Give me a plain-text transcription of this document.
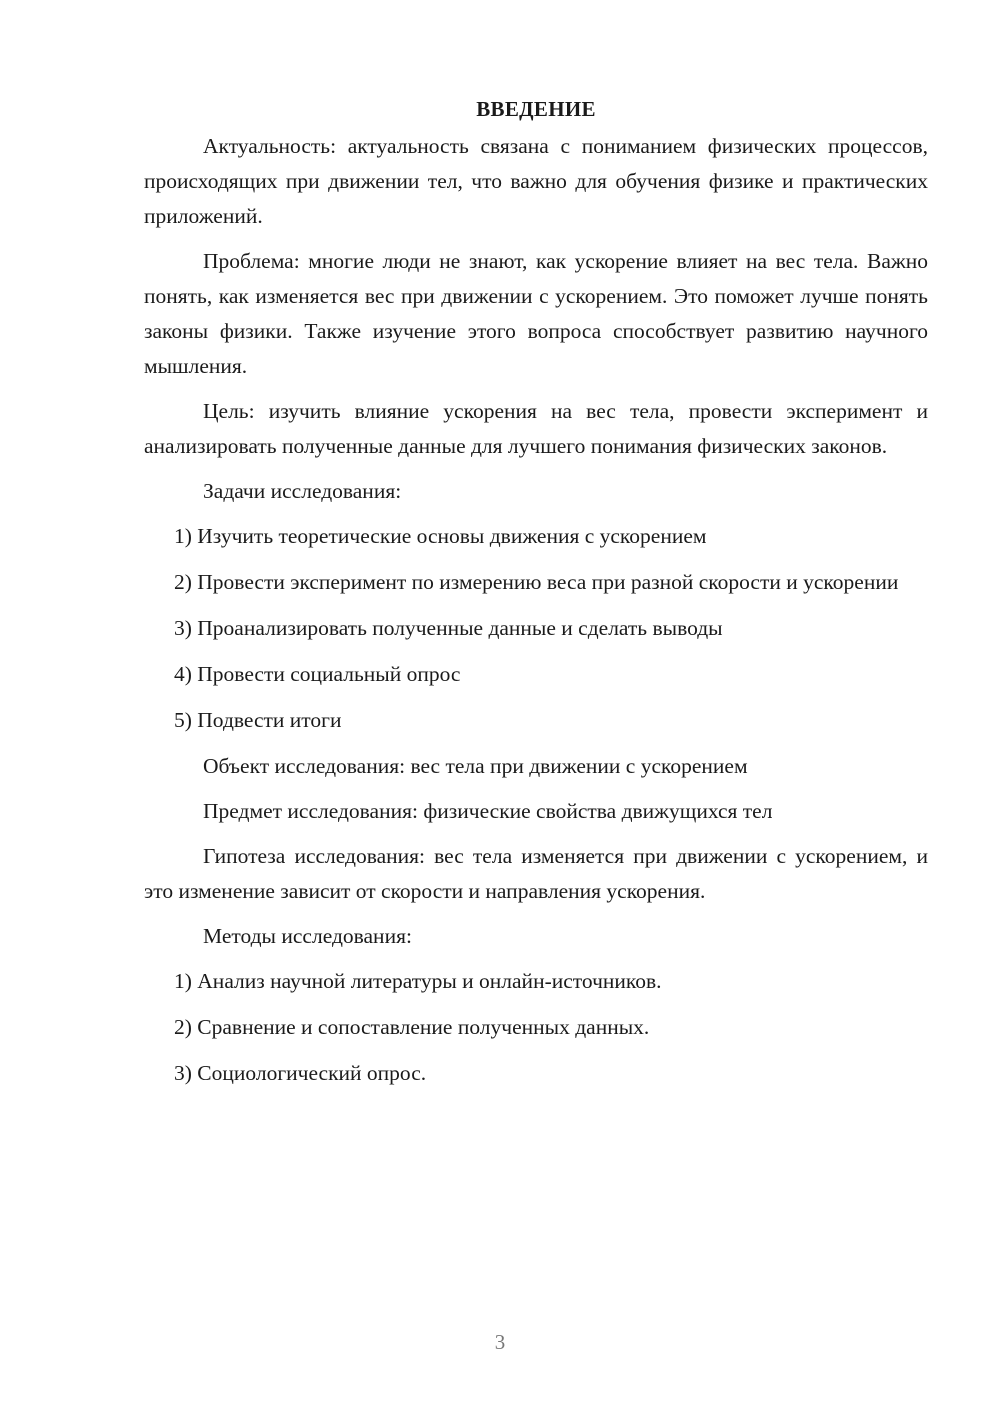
ВВЕДЕНИЕ

Актуальность: актуальность связана с пониманием физических процессов, происходящих при движении тел, что важно для обучения физике и практических приложений.

Проблема: многие люди не знают, как ускорение влияет на вес тела. Важно понять, как изменяется вес при движении с ускорением. Это поможет лучше понять законы физики. Также изучение этого вопроса способствует развитию научного мышления.

Цель: изучить влияние ускорения на вес тела, провести эксперимент и анализировать полученные данные для лучшего понимания физических законов.

Задачи исследования:

1) Изучить теоретические основы движения с ускорением

2) Провести эксперимент по измерению веса при разной скорости и ускорении

3) Проанализировать полученные данные и сделать выводы

4) Провести социальный опрос

5) Подвести итоги

Объект исследования: вес тела при движении с ускорением

Предмет исследования: физические свойства движущихся тел

Гипотеза исследования: вес тела изменяется при движении с ускорением, и это изменение зависит от скорости и направления ускорения.

Методы исследования:

1) Анализ научной литературы и онлайн-источников.

2) Сравнение и сопоставление полученных данных.

3) Социологический опрос.

3
